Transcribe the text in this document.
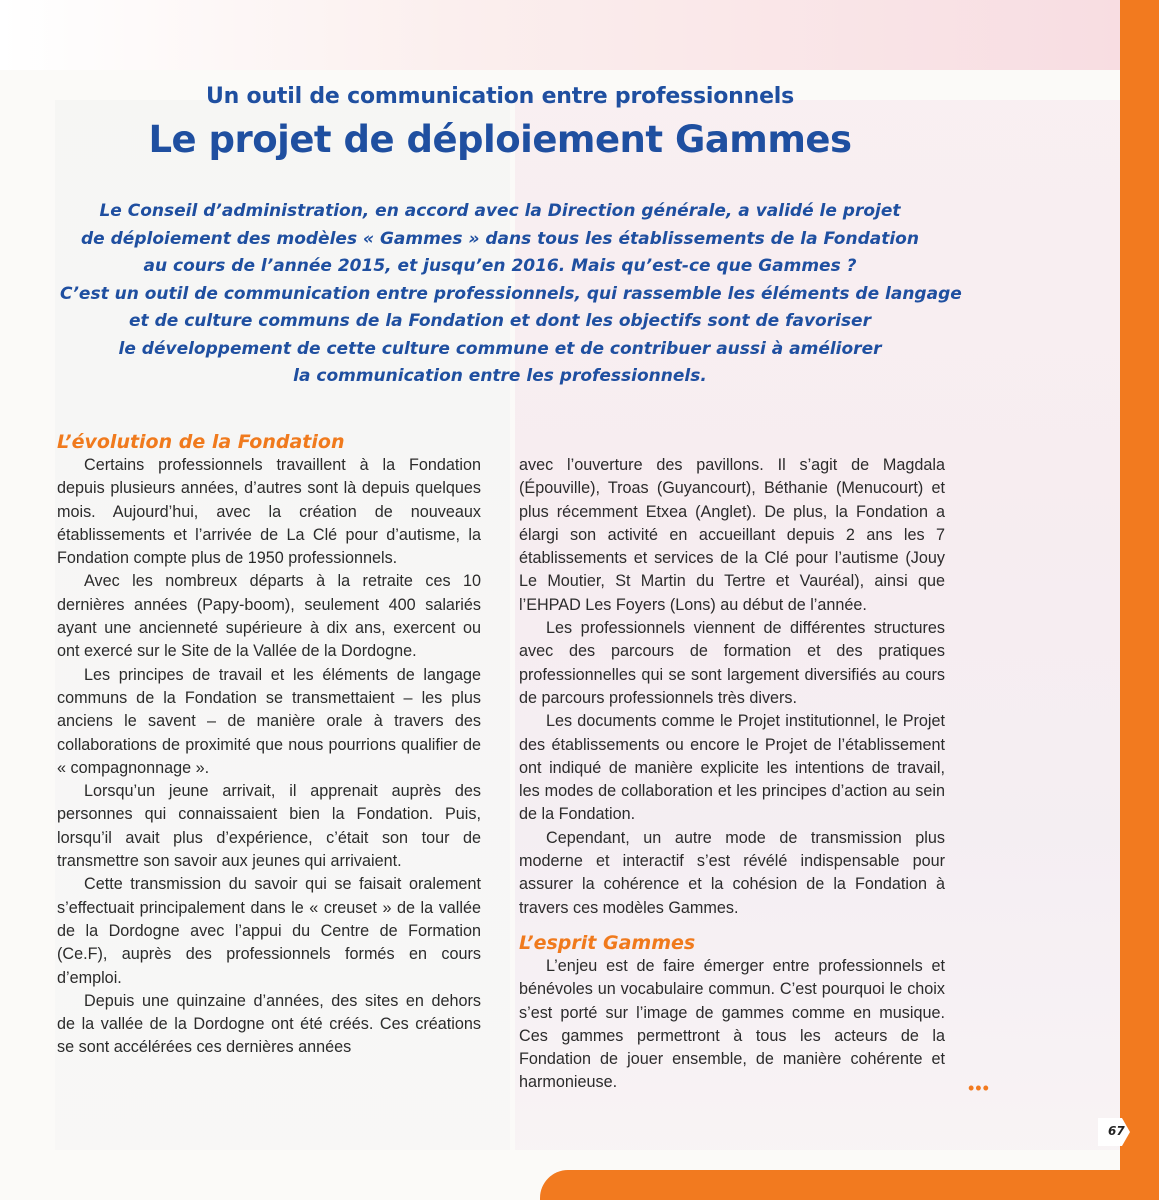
Un outil de communication entre professionnels
Le projet de déploiement Gammes
Le Conseil d’administration, en accord avec la Direction générale, a validé le projet
de déploiement des modèles « Gammes » dans tous les établissements de la Fondation
au cours de l’année 2015, et jusqu’en 2016. Mais qu’est-ce que Gammes ?
C’est un outil de communication entre professionnels, qui rassemble les éléments de langage
et de culture communs de la Fondation et dont les objectifs sont de favoriser
le développement de cette culture commune et de contribuer aussi à améliorer
la communication entre les professionnels.
L’évolution de la Fondation

Certains professionnels travaillent à la Fondation depuis plusieurs années, d’autres sont là depuis quelques mois. Aujourd’hui, avec la création de nouveaux établissements et l’arrivée de La Clé pour d’autisme, la Fondation compte plus de 1950 professionnels.

Avec les nombreux départs à la retraite ces 10 dernières années (Papy-boom), seulement 400 salariés ayant une ancienneté supérieure à dix ans, exercent ou ont exercé sur le Site de la Vallée de la Dordogne.

Les principes de travail et les éléments de langage communs de la Fondation se transmettaient – les plus anciens le savent – de manière orale à travers des collaborations de proximité que nous pourrions qualifier de « compagnonnage ».

Lorsqu’un jeune arrivait, il apprenait auprès des personnes qui connaissaient bien la Fondation. Puis, lorsqu’il avait plus d’expérience, c’était son tour de transmettre son savoir aux jeunes qui arrivaient.

Cette transmission du savoir qui se faisait oralement s’effectuait principalement dans le « creuset » de la vallée de la Dordogne avec l’appui du Centre de Formation (Ce.F), auprès des professionnels formés en cours d’emploi.

Depuis une quinzaine d’années, des sites en dehors de la vallée de la Dordogne ont été créés. Ces créations se sont accélérées ces dernières années

avec l’ouverture des pavillons. Il s’agit de Magdala (Épouville), Troas (Guyancourt), Béthanie (Menucourt) et plus récemment Etxea (Anglet). De plus, la Fondation a élargi son activité en accueillant depuis 2 ans les 7 établissements et services de la Clé pour l’autisme (Jouy Le Moutier, St Martin du Tertre et Vauréal), ainsi que l’EHPAD Les Foyers (Lons) au début de l’année.

Les professionnels viennent de différentes structures avec des parcours de formation et des pratiques professionnelles qui se sont largement diversifiés au cours de parcours professionnels très divers.

Les documents comme le Projet institutionnel, le Projet des établissements ou encore le Projet de l’établissement ont indiqué de manière explicite les intentions de travail, les modes de collaboration et les principes d’action au sein de la Fondation.

Cependant, un autre mode de transmission plus moderne et interactif s’est révélé indispensable pour assurer la cohérence et la cohésion de la Fondation à travers ces modèles Gammes.

L’esprit Gammes

L’enjeu est de faire émerger entre professionnels et bénévoles un vocabulaire commun. C’est pourquoi le choix s’est porté sur l’image de gammes comme en musique. Ces gammes permettront à tous les acteurs de la Fondation de jouer ensemble, de manière cohérente et harmonieuse.	•••
67
